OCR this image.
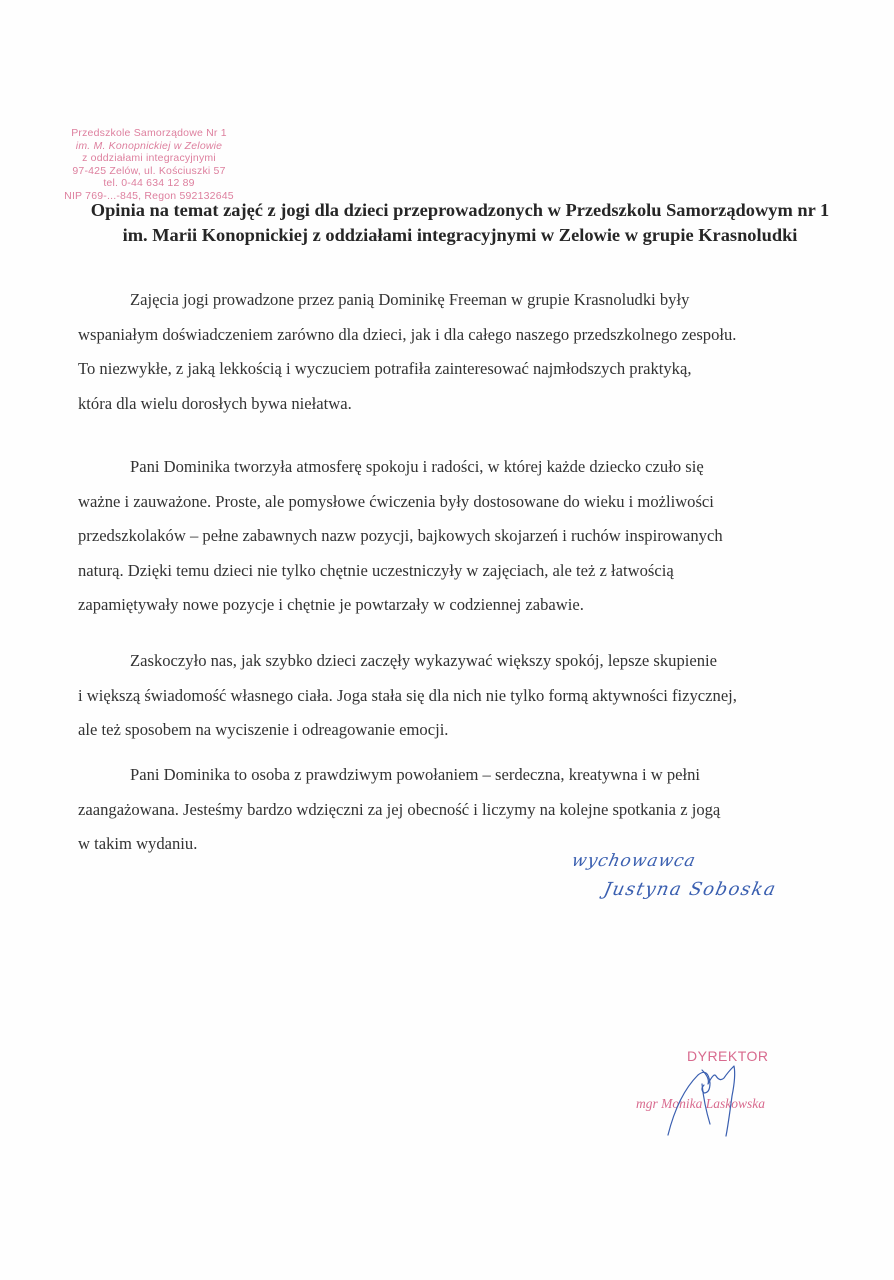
Przedszkole Samorządowe Nr 1
im. M. Konopnickiej w Zelowie
z oddziałami integracyjnymi
97-425 Zelów, ul. Kościuszki 57
tel. 0-44 634 12 89
NIP 769-...-845, Regon 592132645
Opinia na temat zajęć z jogi dla dzieci przeprowadzonych w Przedszkolu Samorządowym nr 1
im. Marii Konopnickiej z oddziałami integracyjnymi w Zelowie w grupie Krasnoludki
Zajęcia jogi prowadzone przez panią Dominikę Freeman w grupie Krasnoludki były
wspaniałym doświadczeniem zarówno dla dzieci, jak i dla całego naszego przedszkolnego zespołu.
To niezwykłe, z jaką lekkością i wyczuciem potrafiła zainteresować najmłodszych praktyką,
która dla wielu dorosłych bywa niełatwa.
Pani Dominika tworzyła atmosferę spokoju i radości, w której każde dziecko czuło się
ważne i zauważone. Proste, ale pomysłowe ćwiczenia były dostosowane do wieku i możliwości
przedszkolaków – pełne zabawnych nazw pozycji, bajkowych skojarzeń i ruchów inspirowanych
naturą. Dzięki temu dzieci nie tylko chętnie uczestniczyły w zajęciach, ale też z łatwością
zapamiętywały nowe pozycje i chętnie je powtarzały w codziennej zabawie.
Zaskoczyło nas, jak szybko dzieci zaczęły wykazywać większy spokój, lepsze skupienie
i większą świadomość własnego ciała. Joga stała się dla nich nie tylko formą aktywności fizycznej,
ale też sposobem na wyciszenie i odreagowanie emocji.
Pani Dominika to osoba z prawdziwym powołaniem – serdeczna, kreatywna i w pełni
zaangażowana. Jesteśmy bardzo wdzięczni za jej obecność i liczymy na kolejne spotkania z jogą
w takim wydaniu.
wychowawca
Justyna Soboska
DYREKTOR
mgr Monika Laskowska
